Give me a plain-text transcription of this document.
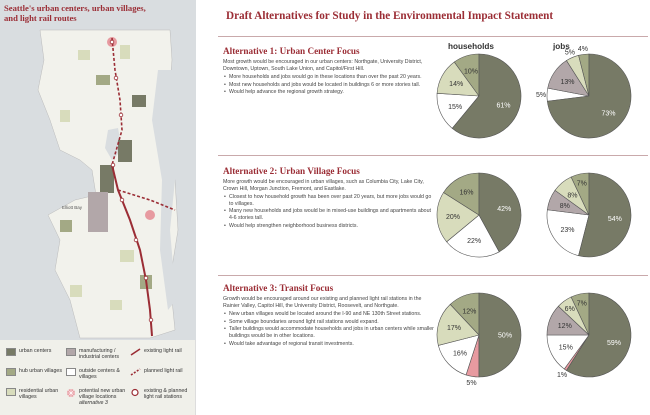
Elliott Bay
Seattle's urban centers, urban villages,
and light rail routes
urban centers	manufacturing / industrial centers
existing light rail
hub urban villages	outside centers & villages
planned light rail
residential urban villages
potential new urban village locations
alternative 3
existing & planned light rail stations
Draft Alternatives for Study in the Environmental Impact Statement
households	jobs
Alternative 1: Urban Center Focus

Most growth would be encouraged in our urban centers: Northgate, University District, Downtown, Uptown, South Lake Union, and Capitol/First Hill.

• More households and jobs would go in these locations than over the past 20 years.
• Most new households and jobs would be located in buildings 6 or more stories tall.
• Would help advance the regional growth strategy.
Alternative 2: Urban Village Focus

More growth would be encouraged in urban villages, such as Columbia City, Lake City, Crown Hill, Morgan Junction, Fremont, and Eastlake.

• Closest to how household growth has been over past 20 years, but more jobs would go to villages.
• Many new households and jobs would be in mixed-use buildings and apartments about 4-6 stories tall.
• Would help strengthen neighborhood business districts.
Alternative 3: Transit Focus

Growth would be encouraged around our existing and planned light rail stations in the Rainier Valley, Capitol Hill, the University District, Roosevelt, and Northgate.

• New urban villages would be located around the I-90 and NE 130th Street stations.
• Some village boundaries around light rail stations would expand.
• Taller buildings would accommodate households and jobs in urban centers while smaller buildings would be in other locations.
• Would take advantage of regional transit investments.
15%
14%
10%
61%
5%
13%
5%
4%
73%
22%
20%
16%
42%
23%
8%
8%
7%
54%
5%
16%
17%
12%
50%
1%
15%
12%
6%
7%
59%
